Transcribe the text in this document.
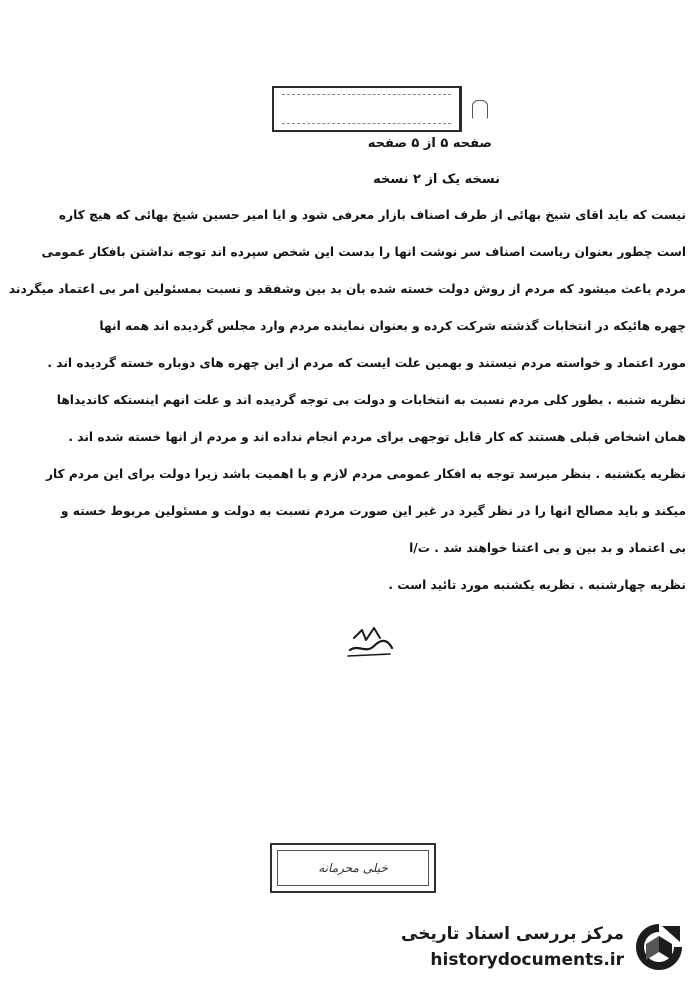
صفحه ۵ از ۵ صفحه
نسخه یک از ۲ نسخه
نیست که باید اقای شیخ بهائی از طرف اصناف بازار معرفی شود و ایا امیر حسین شیخ بهائی که هیچ کاره
است چطور بعنوان ریاست اصناف سر نوشت انها را بدست این شخص سپرده اند توجه نداشتن بافکار عمومی
مردم باعث میشود که مردم از روش دولت خسته شده بان بد بین وشفقد و نسبت بمسئولین امر بی اعتماد میگردند
چهره هائیکه در انتخابات گذشته شرکت کرده و بعنوان نماینده مردم وارد مجلس گردیده اند همه انها
مورد اعتماد و خواسته مردم نیستند و بهمین علت ایست که مردم از این چهره های دوباره خسته گردیده اند .
نظریه شنبه . بطور کلی مردم نسبت به انتخابات و دولت بی توجه گردیده اند و علت انهم اینستکه کاندیداها
همان اشخاص قبلی هستند که کار قابل توجهی برای مردم انجام نداده اند و مردم از انها خسته شده اند .
نظریه یکشنبه . بنظر میرسد توجه به افکار عمومی مردم لازم و با اهمیت باشد زیرا دولت برای این مردم کار
میکند و باید مصالح انها را در نظر گیرد در غیر این صورت مردم نسبت به دولت و مسئولین مربوط خسته و
بی اعتماد و بد بین و بی اعتنا خواهند شد . ت/ا
نظریه چهارشنبه . نظریه یکشنبه مورد تائید است .
خیلی محرمانه
مرکز بررسی اسناد تاریخی
historydocuments.ir
